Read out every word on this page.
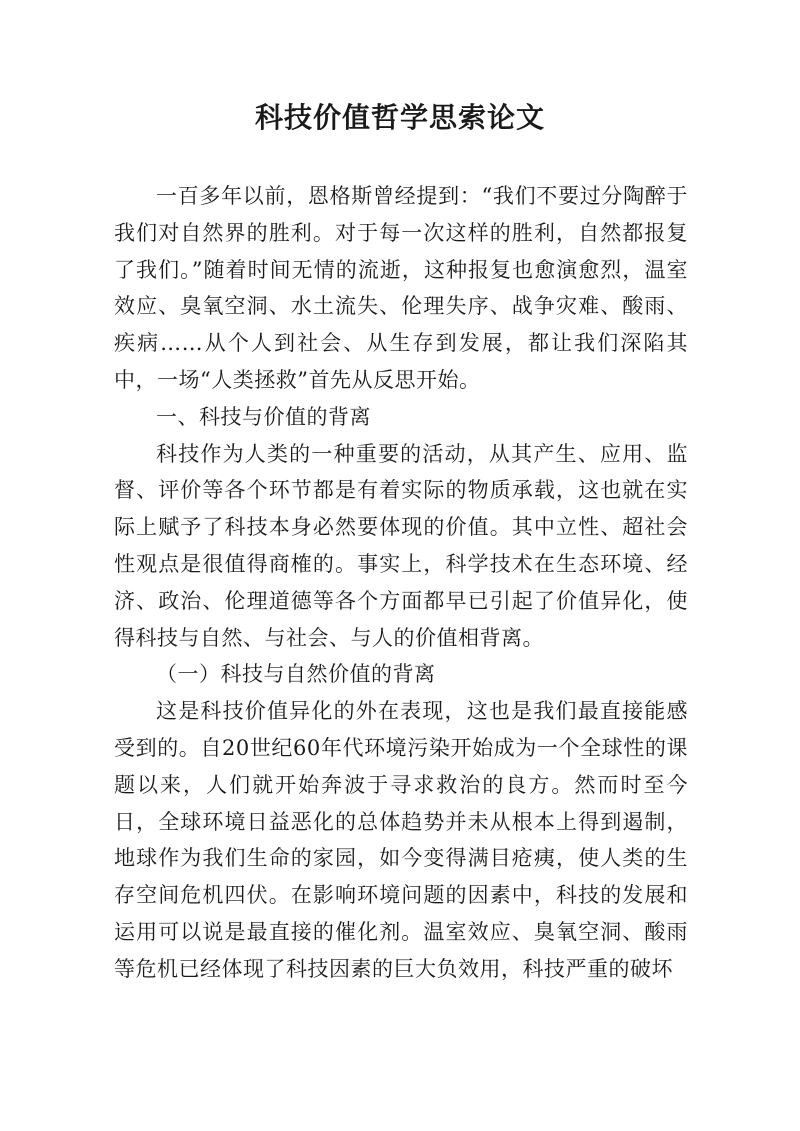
科技价值哲学思索论文

一百多年以前，恩格斯曾经提到：“我们不要过分陶醉于我们对自然界的胜利。对于每一次这样的胜利，自然都报复了我们。”随着时间无情的流逝，这种报复也愈演愈烈，温室效应、臭氧空洞、水土流失、伦理失序、战争灾难、酸雨、疾病……从个人到社会、从生存到发展，都让我们深陷其中，一场“人类拯救”首先从反思开始。

一、科技与价值的背离

科技作为人类的一种重要的活动，从其产生、应用、监督、评价等各个环节都是有着实际的物质承载，这也就在实际上赋予了科技本身必然要体现的价值。其中立性、超社会性观点是很值得商榷的。事实上，科学技术在生态环境、经济、政治、伦理道德等各个方面都早已引起了价值异化，使得科技与自然、与社会、与人的价值相背离。

（一）科技与自然价值的背离

这是科技价值异化的外在表现，这也是我们最直接能感受到的。自20世纪60年代环境污染开始成为一个全球性的课题以来，人们就开始奔波于寻求救治的良方。然而时至今日，全球环境日益恶化的总体趋势并未从根本上得到遏制，地球作为我们生命的家园，如今变得满目疮痍，使人类的生存空间危机四伏。在影响环境问题的因素中，科技的发展和运用可以说是最直接的催化剂。温室效应、臭氧空洞、酸雨等危机已经体现了科技因素的巨大负效用，科技严重的破坏
